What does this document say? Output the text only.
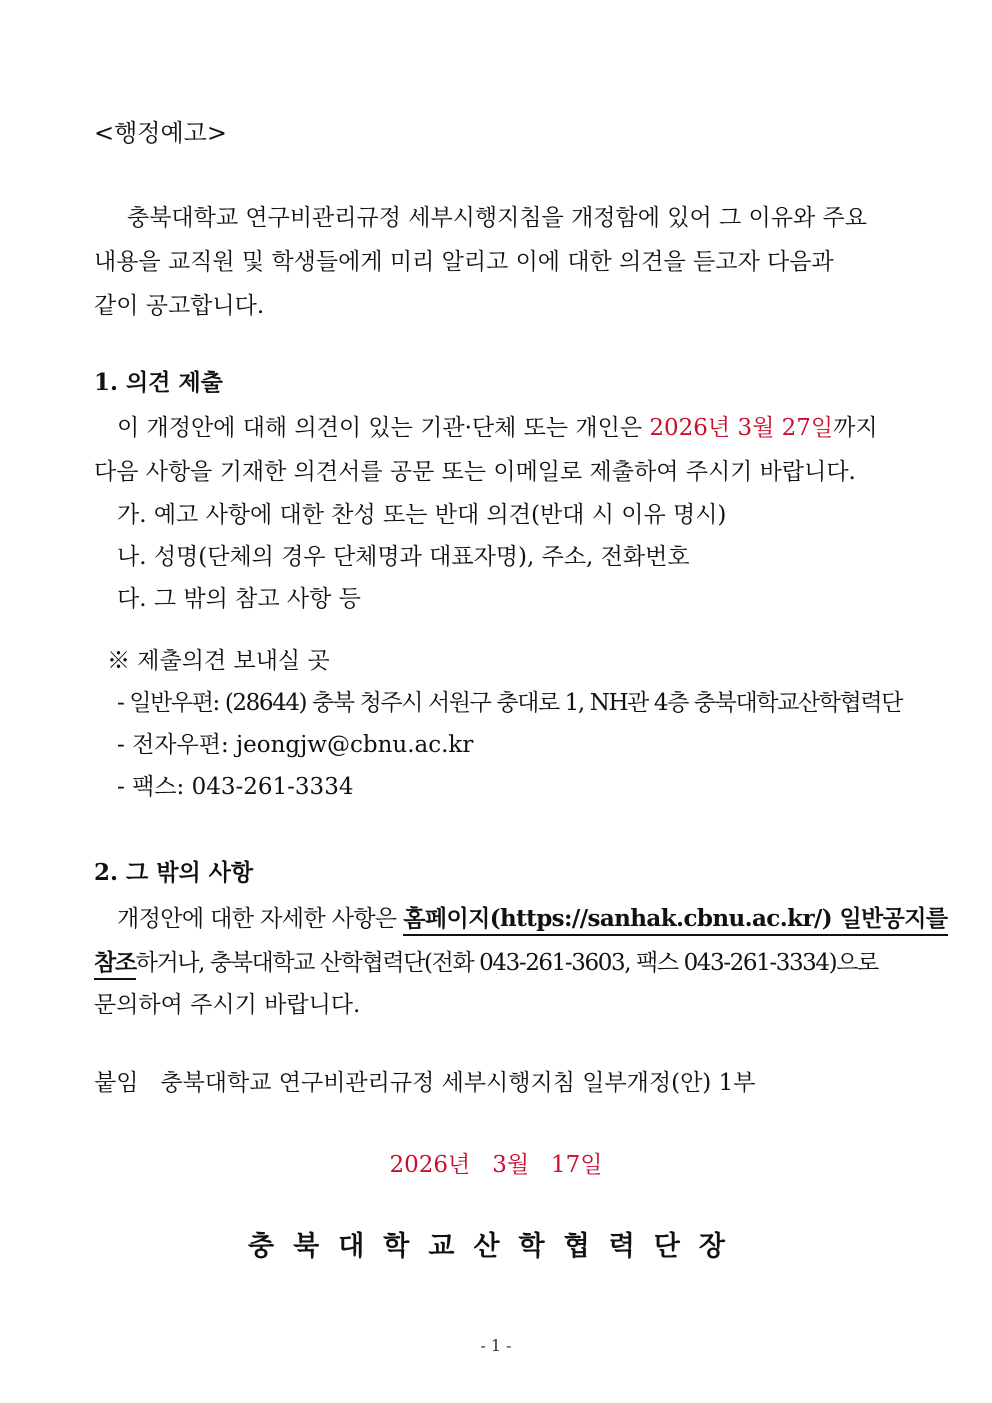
<행정예고>
충북대학교 연구비관리규정 세부시행지침을 개정함에 있어 그 이유와 주요
내용을 교직원 및 학생들에게 미리 알리고 이에 대한 의견을 듣고자 다음과
같이 공고합니다.
1. 의견 제출
이 개정안에 대해 의견이 있는 기관·단체 또는 개인은 2026년 3월 27일까지
다음 사항을 기재한 의견서를 공문 또는 이메일로 제출하여 주시기 바랍니다.
가. 예고 사항에 대한 찬성 또는 반대 의견(반대 시 이유 명시)
나. 성명(단체의 경우 단체명과 대표자명), 주소, 전화번호
다. 그 밖의 참고 사항 등
※ 제출의견 보내실 곳
- 일반우편: (28644) 충북 청주시 서원구 충대로 1, NH관 4층 충북대학교산학협력단
- 전자우편: jeongjw@cbnu.ac.kr
- 팩스: 043-261-3334
2. 그 밖의 사항
개정안에 대한 자세한 사항은 홈페이지(https://sanhak.cbnu.ac.kr/) 일반공지를
참조하거나, 충북대학교 산학협력단(전화 043-261-3603, 팩스 043-261-3334)으로
문의하여 주시기 바랍니다.
붙임   충북대학교 연구비관리규정 세부시행지침 일부개정(안) 1부
2026년   3월   17일
충북대학교산학협력단장
- 1 -
